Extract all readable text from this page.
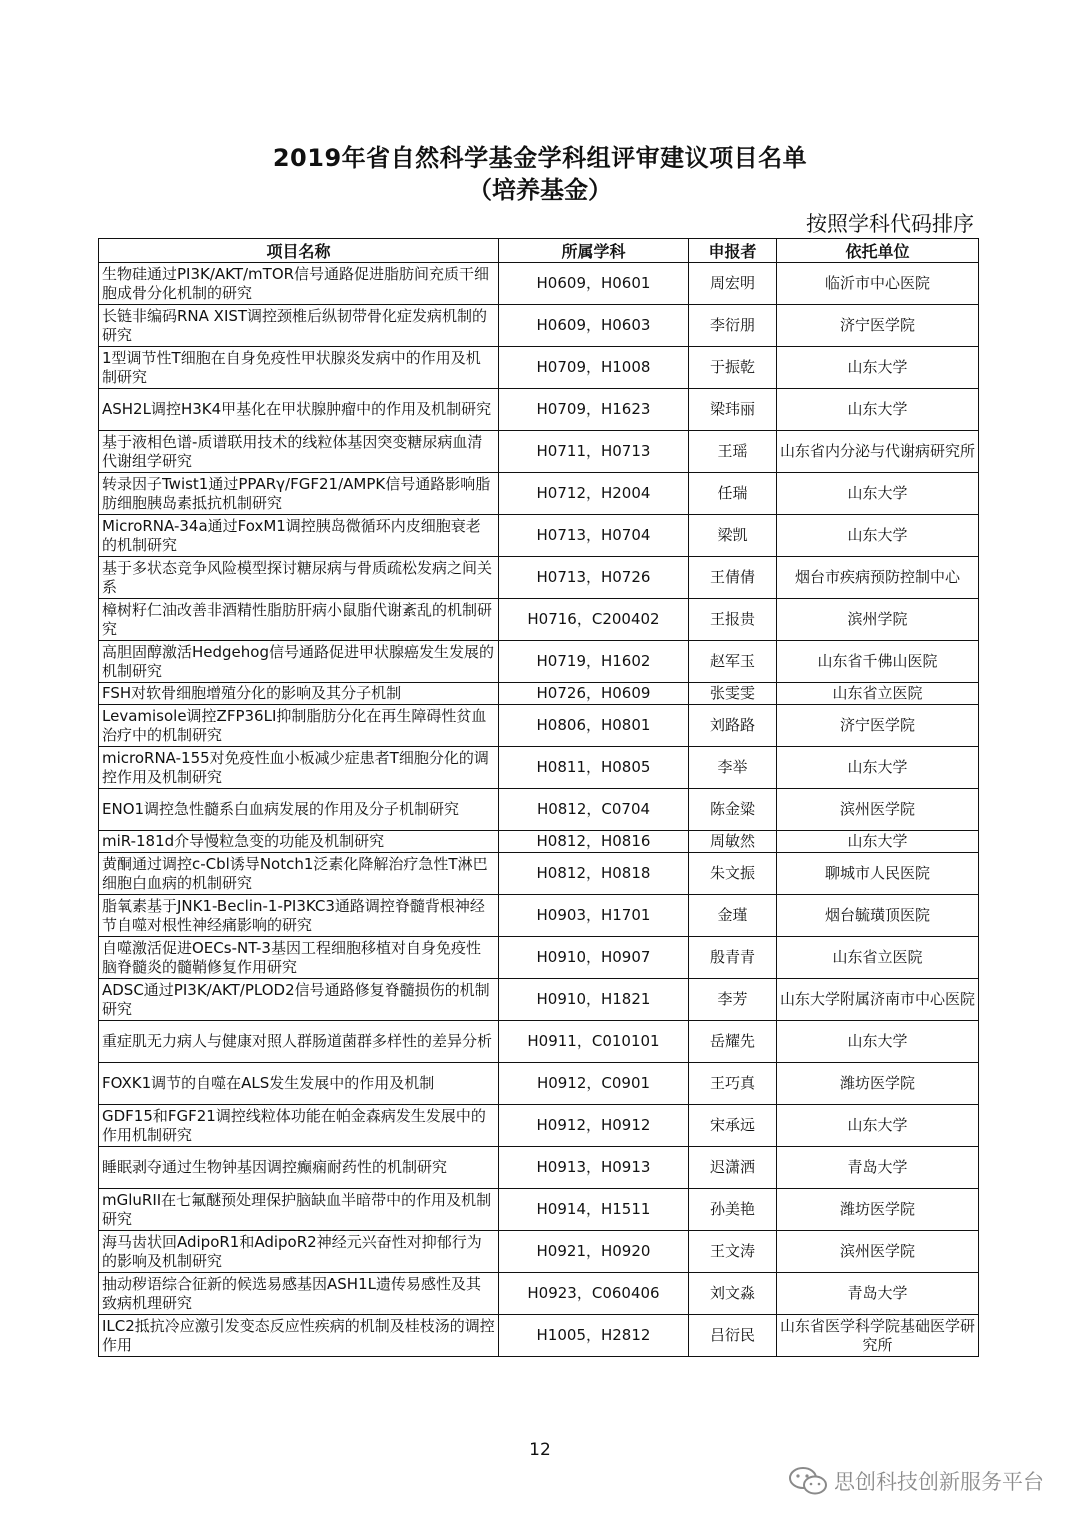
2019年省自然科学基金学科组评审建议项目名单
（培养基金）
按照学科代码排序
项目名称	所属学科	申报者	依托单位
生物硅通过PI3K/AKT/mTOR信号通路促进脂肪间充质干细胞成骨分化机制的研究	H0609，H0601	周宏明	临沂市中心医院
长链非编码RNA XIST调控颈椎后纵韧带骨化症发病机制的研究	H0609，H0603	李衍朋	济宁医学院
1型调节性T细胞在自身免疫性甲状腺炎发病中的作用及机制研究	H0709，H1008	于振乾	山东大学
ASH2L调控H3K4甲基化在甲状腺肿瘤中的作用及机制研究	H0709，H1623	梁玮丽	山东大学
基于液相色谱-质谱联用技术的线粒体基因突变糖尿病血清代谢组学研究	H0711，H0713	王瑶	山东省内分泌与代谢病研究所
转录因子Twist1通过PPARγ/FGF21/AMPK信号通路影响脂肪细胞胰岛素抵抗机制研究	H0712，H2004	任瑞	山东大学
MicroRNA-34a通过FoxM1调控胰岛微循环内皮细胞衰老的机制研究	H0713，H0704	梁凯	山东大学
基于多状态竞争风险模型探讨糖尿病与骨质疏松发病之间关系	H0713，H0726	王倩倩	烟台市疾病预防控制中心
樟树籽仁油改善非酒精性脂肪肝病小鼠脂代谢紊乱的机制研究	H0716，C200402	王报贵	滨州学院
高胆固醇激活Hedgehog信号通路促进甲状腺癌发生发展的机制研究	H0719，H1602	赵军玉	山东省千佛山医院
FSH对软骨细胞增殖分化的影响及其分子机制	H0726，H0609	张雯雯	山东省立医院
Levamisole调控ZFP36LI抑制脂肪分化在再生障碍性贫血治疗中的机制研究	H0806，H0801	刘路路	济宁医学院
microRNA-155对免疫性血小板减少症患者T细胞分化的调控作用及机制研究	H0811，H0805	李举	山东大学
ENO1调控急性髓系白血病发展的作用及分子机制研究	H0812，C0704	陈金粱	滨州医学院
miR-181d介导慢粒急变的功能及机制研究	H0812，H0816	周敏然	山东大学
黄酮通过调控c-Cbl诱导Notch1泛素化降解治疗急性T淋巴细胞白血病的机制研究	H0812，H0818	朱文振	聊城市人民医院
脂氧素基于JNK1-Beclin-1-PI3KC3通路调控脊髓背根神经节自噬对根性神经痛影响的研究	H0903，H1701	金瑾	烟台毓璜顶医院
自噬激活促进OECs-NT-3基因工程细胞移植对自身免疫性脑脊髓炎的髓鞘修复作用研究	H0910，H0907	殷青青	山东省立医院
ADSC通过PI3K/AKT/PLOD2信号通路修复脊髓损伤的机制研究	H0910，H1821	李芳	山东大学附属济南市中心医院
重症肌无力病人与健康对照人群肠道菌群多样性的差异分析	H0911，C010101	岳耀先	山东大学
FOXK1调节的自噬在ALS发生发展中的作用及机制	H0912，C0901	王巧真	潍坊医学院
GDF15和FGF21调控线粒体功能在帕金森病发生发展中的作用机制研究	H0912，H0912	宋承远	山东大学
睡眠剥夺通过生物钟基因调控癫痫耐药性的机制研究	H0913，H0913	迟潇洒	青岛大学
mGluRII在七氟醚预处理保护脑缺血半暗带中的作用及机制研究	H0914，H1511	孙美艳	潍坊医学院
海马齿状回AdipoR1和AdipoR2神经元兴奋性对抑郁行为的影响及机制研究	H0921，H0920	王文涛	滨州医学院
抽动秽语综合征新的候选易感基因ASH1L遗传易感性及其致病机理研究	H0923，C060406	刘文淼	青岛大学
ILC2抵抗冷应激引发变态反应性疾病的机制及桂枝汤的调控作用	H1005，H2812	吕衍民	山东省医学科学院基础医学研究所
12
思创科技创新服务平台
